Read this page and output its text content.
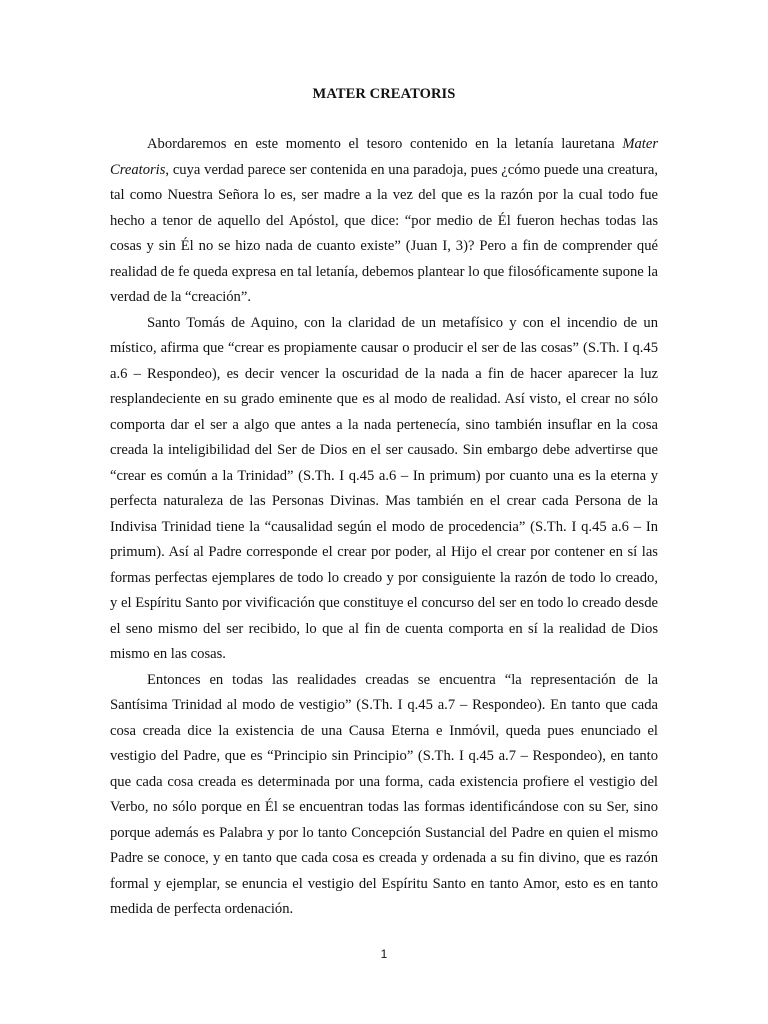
MATER CREATORIS

Abordaremos en este momento el tesoro contenido en la letanía lauretana Mater Creatoris, cuya verdad parece ser contenida en una paradoja, pues ¿cómo puede una creatura, tal como Nuestra Señora lo es, ser madre a la vez del que es la razón por la cual todo fue hecho a tenor de aquello del Apóstol, que dice: “por medio de Él fueron hechas todas las cosas y sin Él no se hizo nada de cuanto existe” (Juan I, 3)? Pero a fin de comprender qué realidad de fe queda expresa en tal letanía, debemos plantear lo que filosóficamente supone la verdad de la “creación”.

Santo Tomás de Aquino, con la claridad de un metafísico y con el incendio de un místico, afirma que “crear es propiamente causar o producir el ser de las cosas” (S.Th. I q.45 a.6 – Respondeo), es decir vencer la oscuridad de la nada a fin de hacer aparecer la luz resplandeciente en su grado eminente que es al modo de realidad. Así visto, el crear no sólo comporta dar el ser a algo que antes a la nada pertenecía, sino también insuflar en la cosa creada la inteligibilidad del Ser de Dios en el ser causado. Sin embargo debe advertirse que “crear es común a la Trinidad” (S.Th. I q.45 a.6 – In primum) por cuanto una es la eterna y perfecta naturaleza de las Personas Divinas. Mas también en el crear cada Persona de la Indivisa Trinidad tiene la “causalidad según el modo de procedencia” (S.Th. I q.45 a.6 – In primum). Así al Padre corresponde el crear por poder, al Hijo el crear por contener en sí las formas perfectas ejemplares de todo lo creado y por consiguiente la razón de todo lo creado, y el Espíritu Santo por vivificación que constituye el concurso del ser en todo lo creado desde el seno mismo del ser recibido, lo que al fin de cuenta comporta en sí la realidad de Dios mismo en las cosas.

Entonces en todas las realidades creadas se encuentra “la representación de la Santísima Trinidad al modo de vestigio” (S.Th. I q.45 a.7 – Respondeo). En tanto que cada cosa creada dice la existencia de una Causa Eterna e Inmóvil, queda pues enunciado el vestigio del Padre, que es “Principio sin Principio” (S.Th. I q.45 a.7 – Respondeo), en tanto que cada cosa creada es determinada por una forma, cada existencia profiere el vestigio del Verbo, no sólo porque en Él se encuentran todas las formas identificándose con su Ser, sino porque además es Palabra y por lo tanto Concepción Sustancial del Padre en quien el mismo Padre se conoce, y en tanto que cada cosa es creada y ordenada a su fin divino, que es razón formal y ejemplar, se enuncia el vestigio del Espíritu Santo en tanto Amor, esto es en tanto medida de perfecta ordenación.

1
